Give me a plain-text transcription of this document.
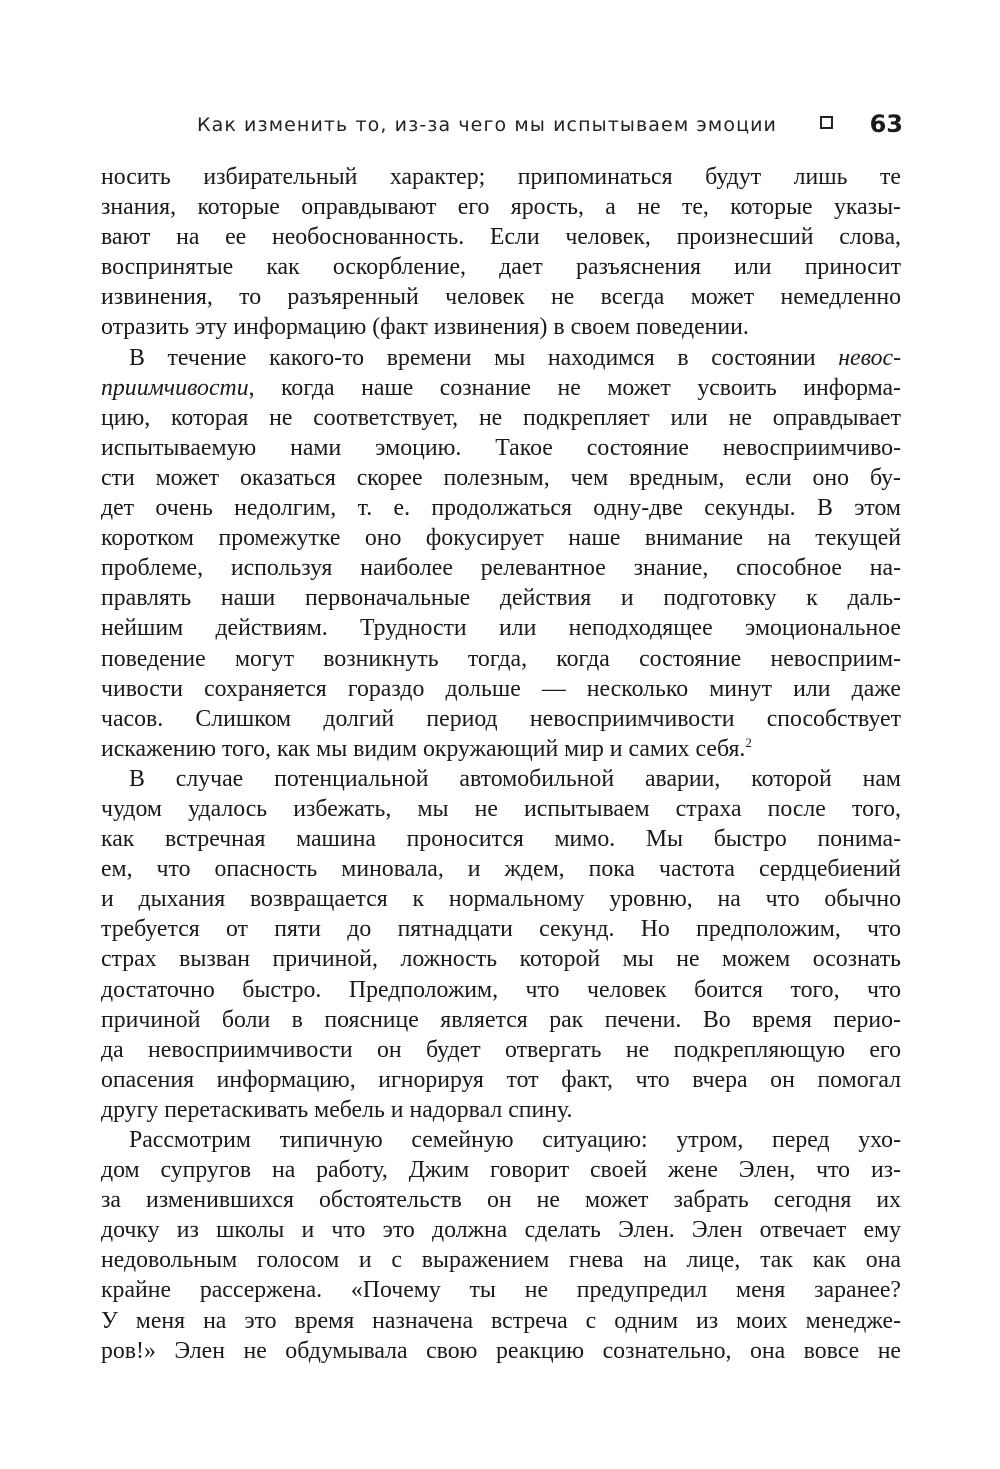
Как изменить то, из-за чего мы испытываем эмоции	63
носить избирательный характер; припоминаться будут лишь те
знания, которые оправдывают его ярость, а не те, которые указы-
вают на ее необоснованность. Если человек, произнесший слова,
воспринятые как оскорбление, дает разъяснения или приносит
извинения, то разъяренный человек не всегда может немедленно
отразить эту информацию (факт извинения) в своем поведении.
В течение какого-то времени мы находимся в состоянии невос-
приимчивости, когда наше сознание не может усвоить информа-
цию, которая не соответствует, не подкрепляет или не оправдывает
испытываемую нами эмоцию. Такое состояние невосприимчиво-
сти может оказаться скорее полезным, чем вредным, если оно бу-
дет очень недолгим, т. е. продолжаться одну-две секунды. В этом
коротком промежутке оно фокусирует наше внимание на текущей
проблеме, используя наиболее релевантное знание, способное на-
правлять наши первоначальные действия и подготовку к даль-
нейшим действиям. Трудности или неподходящее эмоциональное
поведение могут возникнуть тогда, когда состояние невосприим-
чивости сохраняется гораздо дольше — несколько минут или даже
часов. Слишком долгий период невосприимчивости способствует
искажению того, как мы видим окружающий мир и самих себя.$^2$
В случае потенциальной автомобильной аварии, которой нам
чудом удалось избежать, мы не испытываем страха после того,
как встречная машина проносится мимо. Мы быстро понима-
ем, что опасность миновала, и ждем, пока частота сердцебиений
и дыхания возвращается к нормальному уровню, на что обычно
требуется от пяти до пятнадцати секунд. Но предположим, что
страх вызван причиной, ложность которой мы не можем осознать
достаточно быстро. Предположим, что человек боится того, что
причиной боли в пояснице является рак печени. Во время перио-
да невосприимчивости он будет отвергать не подкрепляющую его
опасения информацию, игнорируя тот факт, что вчера он помогал
другу перетаскивать мебель и надорвал спину.
Рассмотрим типичную семейную ситуацию: утром, перед ухо-
дом супругов на работу, Джим говорит своей жене Элен, что из-
за изменившихся обстоятельств он не может забрать сегодня их
дочку из школы и что это должна сделать Элен. Элен отвечает ему
недовольным голосом и с выражением гнева на лице, так как она
крайне рассержена. «Почему ты не предупредил меня заранее?
У меня на это время назначена встреча с одним из моих менедже-
ров!» Элен не обдумывала свою реакцию сознательно, она вовсе не
